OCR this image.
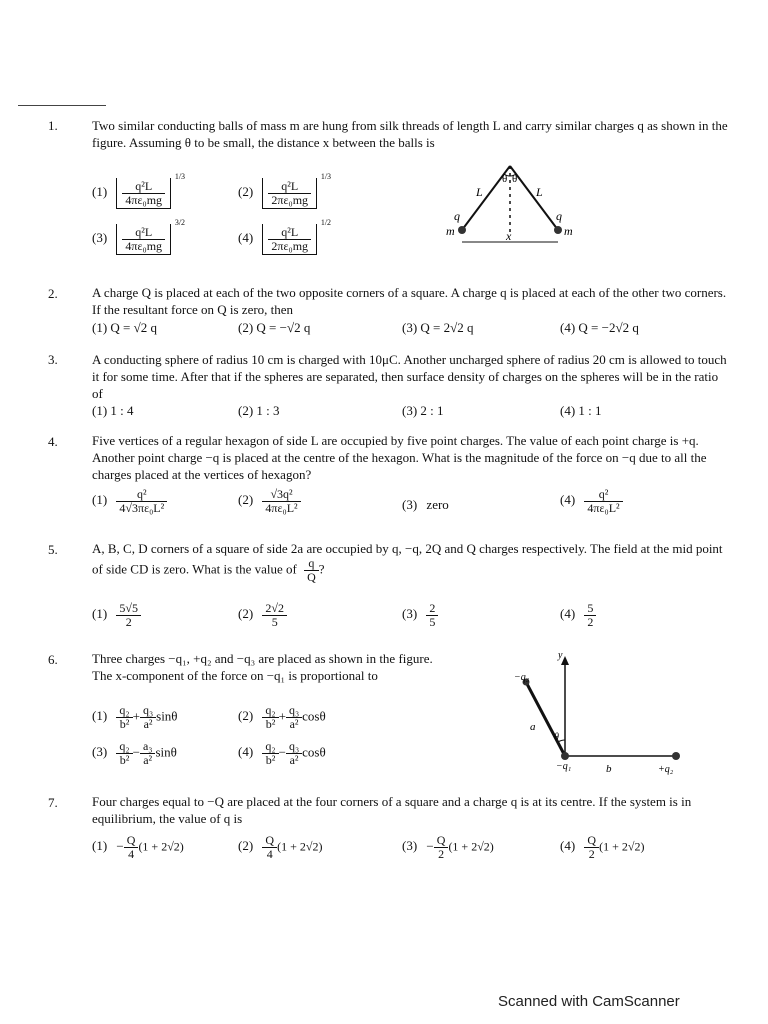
1.	Two similar conducting balls of mass m are hung from silk threads of length L and carry similar charges q as shown in the figure. Assuming θ to be small, the distance x between the balls is
$(1) \frac{\text{q²L}}{\text{4πε₀mg}}$
1/3
$(2) \frac{\text{q²L}}{\text{2πε₀mg}}$
1/3
$(3) \frac{\text{q²L}}{\text{4πε₀mg}}$
3/2
$(4) \frac{\text{q²L}}{\text{2πε₀mg}}$
1/2
θ θ
L	L
q	q
m	m
x
2.	A charge Q is placed at each of the two opposite corners of a square. A charge q is placed at each of the other two corners. If the resultant force on Q is zero, then
(1) Q = √2 q	(2) Q = −√2 q	(3) Q = 2√2 q	(4) Q = −2√2 q
3.	A conducting sphere of radius 10 cm is charged with 10μC. Another uncharged sphere of radius 20 cm is allowed to touch it for some time. After that if the spheres are separated, then surface density of charges on the spheres will be in the ratio of
(1) 1 : 4	(2) 1 : 3	(3) 2 : 1	(4) 1 : 1
4.	Five vertices of a regular hexagon of side L are occupied by five point charges. The value of each point charge is +q. Another point charge −q is placed at the centre of the hexagon. What is the magnitude of the force on −q due to all the charges placed at the vertices of hexagon?
$(1) \frac{\text{q²}}{\text{4√3πε₀L²}}$	$(2) \frac{\text{√3q²}}{\text{4πε₀L²}}$	(3) zero	$(4) \frac{\text{q²}}{\text{4πε₀L²}}$
5.	A, B, C, D corners of a square of side 2a are occupied by q, −q, 2Q and Q charges respectively. The field at the mid point of side CD is zero. What is the value of $\frac{q}{Q}$ ?
$(1) \frac{5√5}{2}$	$(2) \frac{2√2}{5}$	$(3) \frac{2}{5}$	$(4) \frac{5}{2}$
6.	Three charges −q₁, +q₂ and −q₃ are placed as shown in the figure.
The x-component of the force on −q₁ is proportional to
$(1) \frac{\text{q₂}}{\text{b²}} + \frac{\text{q₃}}{\text{a²}}$ sinθ	$(2) \frac{\text{q₂}}{\text{b²}} + \frac{\text{q₃}}{\text{a²}}$ cosθ
$(3) \frac{\text{q₂}}{\text{b²}} - \frac{\text{a₃}}{\text{a²}}$ sinθ	$(4) \frac{\text{q₂}}{\text{b²}} - \frac{\text{q₃}}{\text{a²}}$ cosθ
y
−q₃
a
θ
−q₁	b	+q₂
7.	Four charges equal to −Q are placed at the four corners of a square and a charge q is at its centre. If the system is in equilibrium, the value of q is
$(1) - \frac{Q}{4} (1 + 2√2)$	$(2) \frac{Q}{4} (1 + 2√2)$	$(3) - \frac{Q}{2} (1 + 2√2)$	$(4) \frac{Q}{2} (1 + 2√2)$
Scanned with CamScanner
